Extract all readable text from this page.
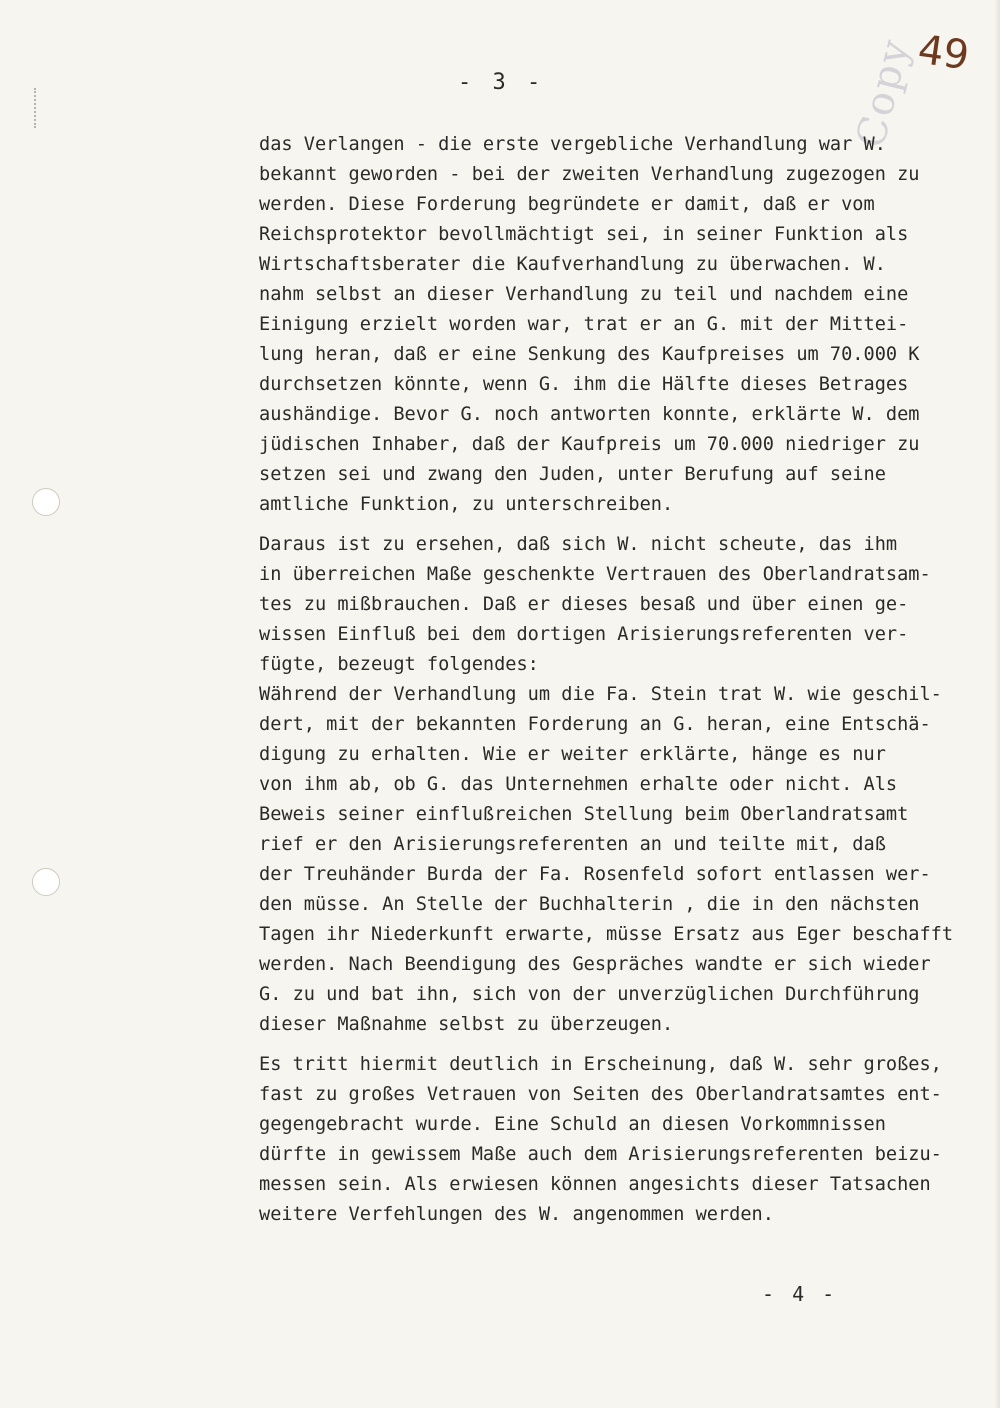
Copy
49
- 3 -
das Verlangen - die erste vergebliche Verhandlung war W.
bekannt geworden - bei der zweiten Verhandlung zugezogen zu
werden. Diese Forderung begründete er damit, daß er vom
Reichsprotektor bevollmächtigt sei, in seiner Funktion als
Wirtschaftsberater die Kaufverhandlung zu überwachen. W.
nahm selbst an dieser Verhandlung zu teil und nachdem eine
Einigung erzielt worden war, trat er an G. mit der Mittei-
lung heran, daß er eine Senkung des Kaufpreises um 70.000 K
durchsetzen könnte, wenn G. ihm die Hälfte dieses Betrages
aushändige. Bevor G. noch antworten konnte, erklärte W. dem
jüdischen Inhaber, daß der Kaufpreis um 70.000 niedriger zu
setzen sei und zwang den Juden, unter Berufung auf seine
amtliche Funktion, zu unterschreiben.
Daraus ist zu ersehen, daß sich W. nicht scheute, das ihm
in überreichen Maße geschenkte Vertrauen des Oberlandratsam-
tes zu mißbrauchen. Daß er dieses besaß und über einen ge-
wissen Einfluß bei dem dortigen Arisierungsreferenten ver-
fügte, bezeugt folgendes:
Während der Verhandlung um die Fa. Stein trat W. wie geschil-
dert, mit der bekannten Forderung an G. heran, eine Entschä-
digung zu erhalten. Wie er weiter erklärte, hänge es nur
von ihm ab, ob G. das Unternehmen erhalte oder nicht. Als
Beweis seiner einflußreichen Stellung beim Oberlandratsamt
rief er den Arisierungsreferenten an und teilte mit, daß
der Treuhänder Burda der Fa. Rosenfeld sofort entlassen wer-
den müsse. An Stelle der Buchhalterin , die in den nächsten
Tagen ihr Niederkunft erwarte, müsse Ersatz aus Eger beschafft
werden. Nach Beendigung des Gespräches wandte er sich wieder
G. zu und bat ihn, sich von der unverzüglichen Durchführung
dieser Maßnahme selbst zu überzeugen.
Es tritt hiermit deutlich in Erscheinung, daß W. sehr großes,
fast zu großes Vetrauen von Seiten des Oberlandratsamtes ent-
gegengebracht wurde. Eine Schuld an diesen Vorkommnissen
dürfte in gewissem Maße auch dem Arisierungsreferenten beizu-
messen sein. Als erwiesen können angesichts dieser Tatsachen
weitere Verfehlungen des W. angenommen werden.
- 4 -
